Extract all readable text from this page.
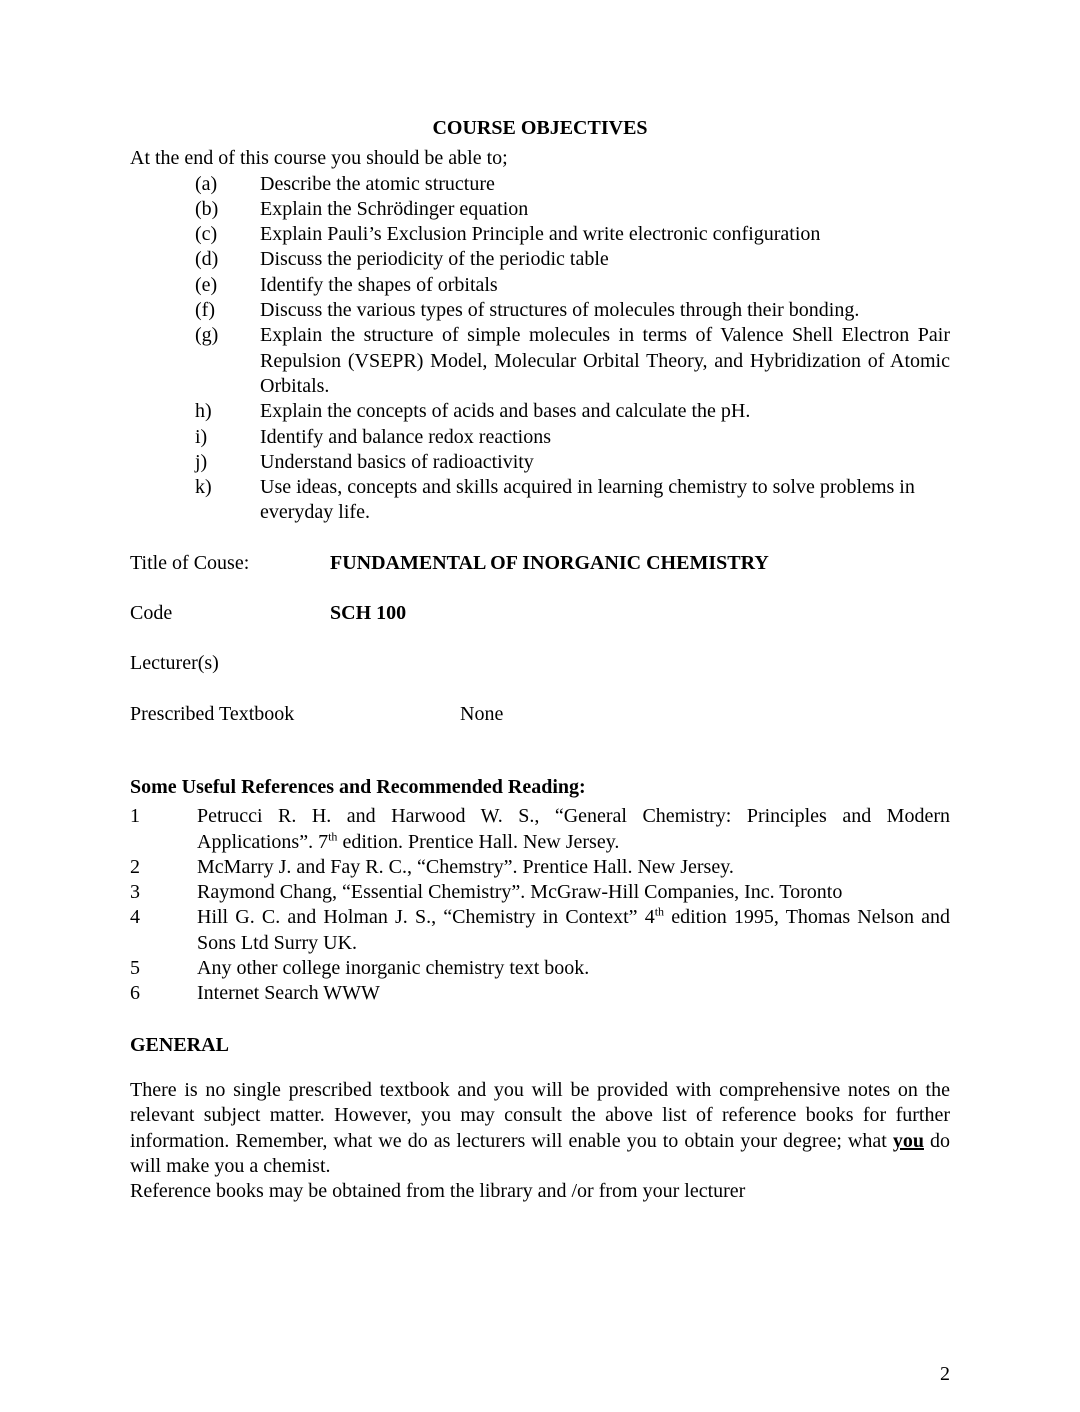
COURSE OBJECTIVES

At the end of this course you should be able to;

(a)	Describe the atomic structure
(b)	Explain the Schrödinger equation
(c)	Explain Pauli’s Exclusion Principle and write electronic configuration
(d)	Discuss the periodicity of the periodic table
(e)	Identify the shapes of orbitals
(f)	Discuss the various types of structures of molecules through their bonding.
(g)	Explain the structure of simple molecules in terms of Valence Shell Electron Pair Repulsion (VSEPR) Model, Molecular Orbital Theory, and Hybridization of Atomic Orbitals.
h)	Explain the concepts of acids and bases and calculate the pH.
i)	Identify and balance redox reactions
j)	Understand basics of radioactivity
k)	Use ideas, concepts and skills acquired in learning chemistry to solve problems in everyday life.
Title of Couse:	FUNDAMENTAL OF INORGANIC CHEMISTRY
Code	SCH 100
Lecturer(s)
Prescribed Textbook	None

Some Useful References and Recommended Reading:

1	Petrucci R. H. and Harwood W. S., “General Chemistry: Principles and Modern Applications”. 7th edition. Prentice Hall. New Jersey.
2	McMarry J. and Fay R. C., “Chemstry”. Prentice Hall. New Jersey.
3	Raymond Chang, “Essential Chemistry”. McGraw-Hill Companies, Inc. Toronto
4	Hill G. C. and Holman J. S., “Chemistry in Context” 4th edition 1995, Thomas Nelson and Sons Ltd Surry UK.
5	Any other college inorganic chemistry text book.
6	Internet Search WWW

GENERAL

There is no single prescribed textbook and you will be provided with comprehensive notes on the relevant subject matter. However, you may consult the above list of reference books for further information. Remember, what we do as lecturers will enable you to obtain your degree; what you do will make you a chemist.

Reference books may be obtained from the library and /or from your lecturer

2
